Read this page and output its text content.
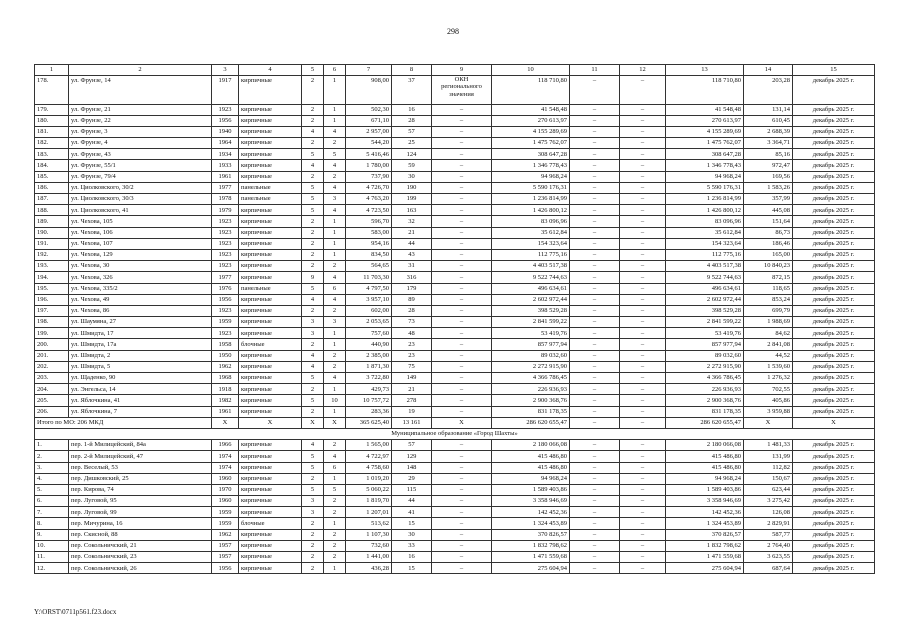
298
1	2	3	4	5	6	7	8	9	10	11	12	13	14	15
178.	ул. Фрунзе, 14	1917	кирпичные	2	1	908,00	37	ОКН регионального значения	118 710,80	–	–	118 710,80	203,28	декабрь 2025 г.
179.	ул. Фрунзе, 21	1923	кирпичные	2	1	502,30	16	–	41 548,48	–	–	41 548,48	131,14	декабрь 2025 г.
180.	ул. Фрунзе, 22	1956	кирпичные	2	1	671,10	28	–	270 613,97	–	–	270 613,97	610,45	декабрь 2025 г.
181.	ул. Фрунзе, 3	1940	кирпичные	4	4	2 957,00	57	–	4 155 289,69	–	–	4 155 289,69	2 688,39	декабрь 2025 г.
182.	ул. Фрунзе, 4	1964	кирпичные	2	2	544,20	25	–	1 475 762,07	–	–	1 475 762,07	3 364,71	декабрь 2025 г.
183.	ул. Фрунзе, 43	1934	кирпичные	5	5	5 416,46	124	–	308 647,28	–	–	308 647,28	85,16	декабрь 2025 г.
184.	ул. Фрунзе, 55/1	1933	кирпичные	4	4	1 780,00	59	–	1 346 778,43	–	–	1 346 778,43	972,47	декабрь 2025 г.
185.	ул. Фрунзе, 79/4	1961	кирпичные	2	2	737,90	30	–	94 968,24	–	–	94 968,24	169,56	декабрь 2025 г.
186.	ул. Циолковского, 30/2	1977	панельные	5	4	4 726,70	190	–	5 590 176,31	–	–	5 590 176,31	1 583,26	декабрь 2025 г.
187.	ул. Циолковского, 30/3	1978	панельные	5	3	4 763,20	199	–	1 236 814,99	–	–	1 236 814,99	357,99	декабрь 2025 г.
188.	ул. Циолковского, 41	1979	кирпичные	5	4	4 723,50	163	–	1 426 800,12	–	–	1 426 800,12	445,08	декабрь 2025 г.
189.	ул. Чехова, 105	1923	кирпичные	2	1	596,70	32	–	83 096,96	–	–	83 096,96	151,64	декабрь 2025 г.
190.	ул. Чехова, 106	1923	кирпичные	2	1	583,00	21	–	35 612,84	–	–	35 612,84	86,73	декабрь 2025 г.
191.	ул. Чехова, 107	1923	кирпичные	2	1	954,16	44	–	154 323,64	–	–	154 323,64	186,46	декабрь 2025 г.
192.	ул. Чехова, 129	1923	кирпичные	2	1	834,50	43	–	112 775,16	–	–	112 775,16	165,00	декабрь 2025 г.
193.	ул. Чехова, 30	1923	кирпичные	2	2	564,65	31	–	4 403 517,38	–	–	4 403 517,38	10 840,23	декабрь 2025 г.
194.	ул. Чехова, 326	1977	кирпичные	9	4	11 703,30	316	–	9 522 744,63	–	–	9 522 744,63	872,15	декабрь 2025 г.
195.	ул. Чехова, 335/2	1976	панельные	5	6	4 797,50	179	–	496 634,61	–	–	496 634,61	118,65	декабрь 2025 г.
196.	ул. Чехова, 49	1956	кирпичные	4	4	3 957,10	89	–	2 602 972,44	–	–	2 602 972,44	853,24	декабрь 2025 г.
197.	ул. Чехова, 86	1923	кирпичные	2	2	602,00	28	–	398 529,28	–	–	398 529,28	699,79	декабрь 2025 г.
198.	ул. Шаумяна, 27	1959	кирпичные	3	3	2 053,65	73	–	2 841 599,22	–	–	2 841 599,22	1 988,69	декабрь 2025 г.
199.	ул. Шмидта, 17	1923	кирпичные	3	1	757,60	48	–	53 419,76	–	–	53 419,76	84,62	декабрь 2025 г.
200.	ул. Шмидта, 17а	1958	блочные	2	1	440,90	23	–	857 977,94	–	–	857 977,94	2 841,08	декабрь 2025 г.
201.	ул. Шмидта, 2	1950	кирпичные	4	2	2 385,00	23	–	89 032,60	–	–	89 032,60	44,52	декабрь 2025 г.
202.	ул. Шмидта, 5	1962	кирпичные	4	2	1 871,30	75	–	2 272 915,90	–	–	2 272 915,90	1 539,60	декабрь 2025 г.
203.	ул. Щаденко, 90	1968	кирпичные	5	4	3 722,80	149	–	4 366 786,45	–	–	4 366 786,45	1 276,32	декабрь 2025 г.
204.	ул. Энгельса, 14	1918	кирпичные	2	1	429,73	21	–	226 936,93	–	–	226 936,93	702,55	декабрь 2025 г.
205.	ул. Яблочкина, 41	1982	кирпичные	5	10	10 757,72	278	–	2 900 368,76	–	–	2 900 368,76	405,86	декабрь 2025 г.
206.	ул. Яблочкина, 7	1961	кирпичные	2	1	283,36	19	–	831 178,35	–	–	831 178,35	3 959,88	декабрь 2025 г.
Итого по МО: 206 МКД		X	X	X	X	365 625,40	13 161	X	286 620 655,47	–	–	286 620 655,47	X	X
Муниципальное образование «Город Шахты»														
1.	пер. 1-й Милицейский, 84а	1966	кирпичные	4	2	1 565,00	57	–	2 180 066,08	–	–	2 180 066,08	1 481,33	декабрь 2025 г.
2.	пер. 2-й Милицейский, 47	1974	кирпичные	5	4	4 722,97	129	–	415 486,80	–	–	415 486,80	131,99	декабрь 2025 г.
3.	пер. Веселый, 53	1974	кирпичные	5	6	4 758,60	148	–	415 486,80	–	–	415 486,80	112,82	декабрь 2025 г.
4.	пер. Дишковский, 25	1960	кирпичные	2	1	1 019,20	29	–	94 968,24	–	–	94 968,24	150,67	декабрь 2025 г.
5.	пер. Кирова, 74	1970	кирпичные	5	5	5 060,22	115	–	1 589 403,86	–	–	1 589 403,86	623,44	декабрь 2025 г.
6.	пер. Луговой, 95	1960	кирпичные	3	2	1 819,70	44	–	3 358 946,69	–	–	3 358 946,69	3 275,42	декабрь 2025 г.
7.	пер. Луговой, 99	1959	кирпичные	3	2	1 207,01	41	–	142 452,36	–	–	142 452,36	126,08	декабрь 2025 г.
8.	пер. Мичурина, 16	1959	блочные	2	1	513,62	15	–	1 324 453,89	–	–	1 324 453,89	2 829,91	декабрь 2025 г.
9.	пер. Скисной, 88	1962	кирпичные	2	2	1 107,30	30	–	370 826,57	–	–	370 826,57	587,77	декабрь 2025 г.
10.	пер. Сокольничский, 21	1957	кирпичные	2	2	732,60	33	–	1 832 798,62	–	–	1 832 798,62	2 764,40	декабрь 2025 г.
11.	пер. Сокольничский, 23	1957	кирпичные	2	2	1 441,00	16	–	1 471 559,68	–	–	1 471 559,68	3 623,55	декабрь 2025 г.
12.	пер. Сокольничский, 26	1956	кирпичные	2	1	436,28	15	–	275 604,94	–	–	275 604,94	687,64	декабрь 2025 г.
Y:\ORST\0711p561.f23.docx
